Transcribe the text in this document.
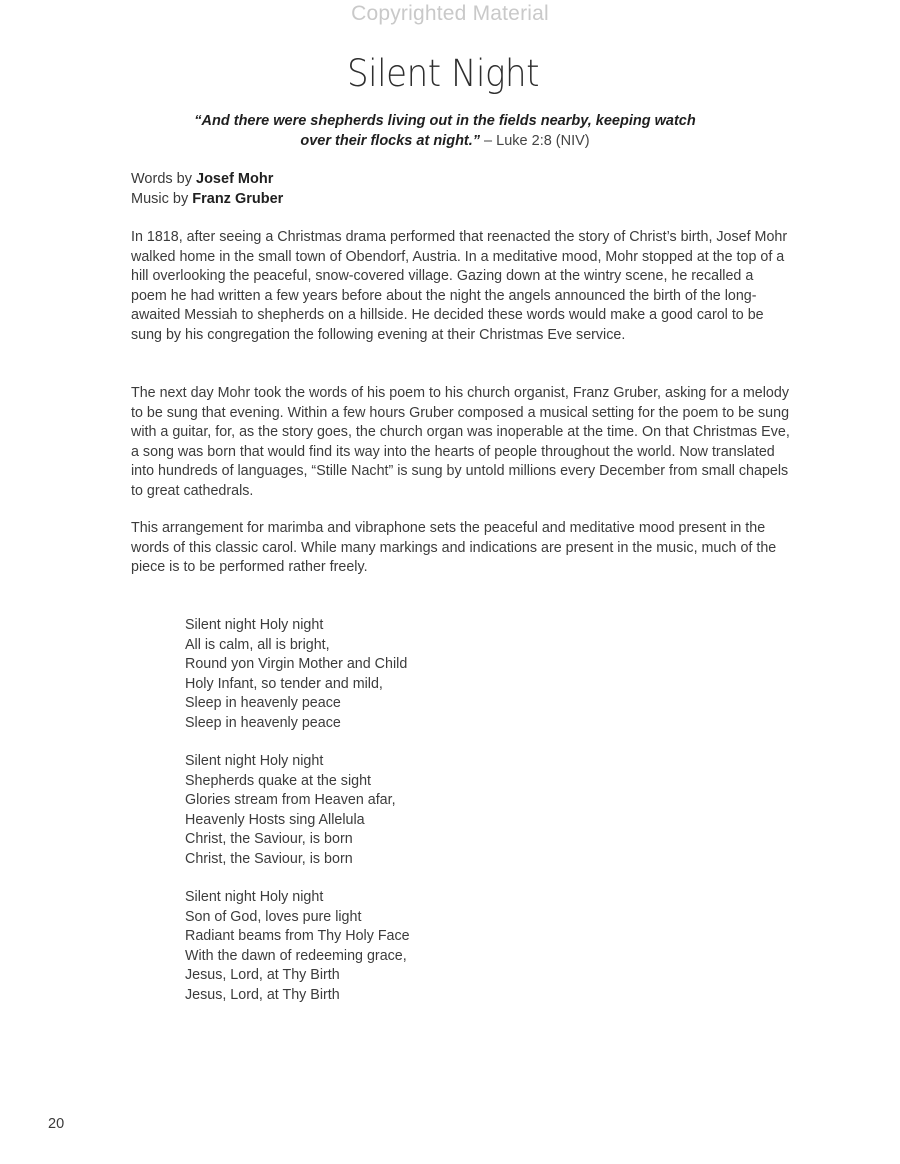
Copyrighted Material
Silent Night
“And there were shepherds living out in the fields nearby, keeping watch
over their flocks at night.” – Luke 2:8 (NIV)
Words by Josef Mohr
Music by Franz Gruber

In 1818, after seeing a Christmas drama performed that reenacted the story of Christ’s birth, Josef Mohr walked home in the small town of Obendorf, Austria. In a meditative mood, Mohr stopped at the top of a hill overlooking the peaceful, snow-covered village. Gazing down at the wintry scene, he recalled a poem he had written a few years before about the night the angels announced the birth of the long-awaited Messiah to shepherds on a hillside. He decided these words would make a good carol to be sung by his congregation the following evening at their Christmas Eve service.

The next day Mohr took the words of his poem to his church organist, Franz Gruber, asking for a melody to be sung that evening. Within a few hours Gruber composed a musical setting for the poem to be sung with a guitar, for, as the story goes, the church organ was inoperable at the time. On that Christmas Eve, a song was born that would find its way into the hearts of people throughout the world. Now translated into hundreds of languages, “Stille Nacht” is sung by untold millions every December from small chapels to great cathedrals.

This arrangement for marimba and vibraphone sets the peaceful and meditative mood present in the words of this classic carol. While many markings and indications are present in the music, much of the piece is to be performed rather freely.

Silent night Holy night
All is calm, all is bright,
Round yon Virgin Mother and Child
Holy Infant, so tender and mild,
Sleep in heavenly peace
Sleep in heavenly peace
Silent night Holy night
Shepherds quake at the sight
Glories stream from Heaven afar,
Heavenly Hosts sing Allelula
Christ, the Saviour, is born
Christ, the Saviour, is born
Silent night Holy night
Son of God, loves pure light
Radiant beams from Thy Holy Face
With the dawn of redeeming grace,
Jesus, Lord, at Thy Birth
Jesus, Lord, at Thy Birth
20
